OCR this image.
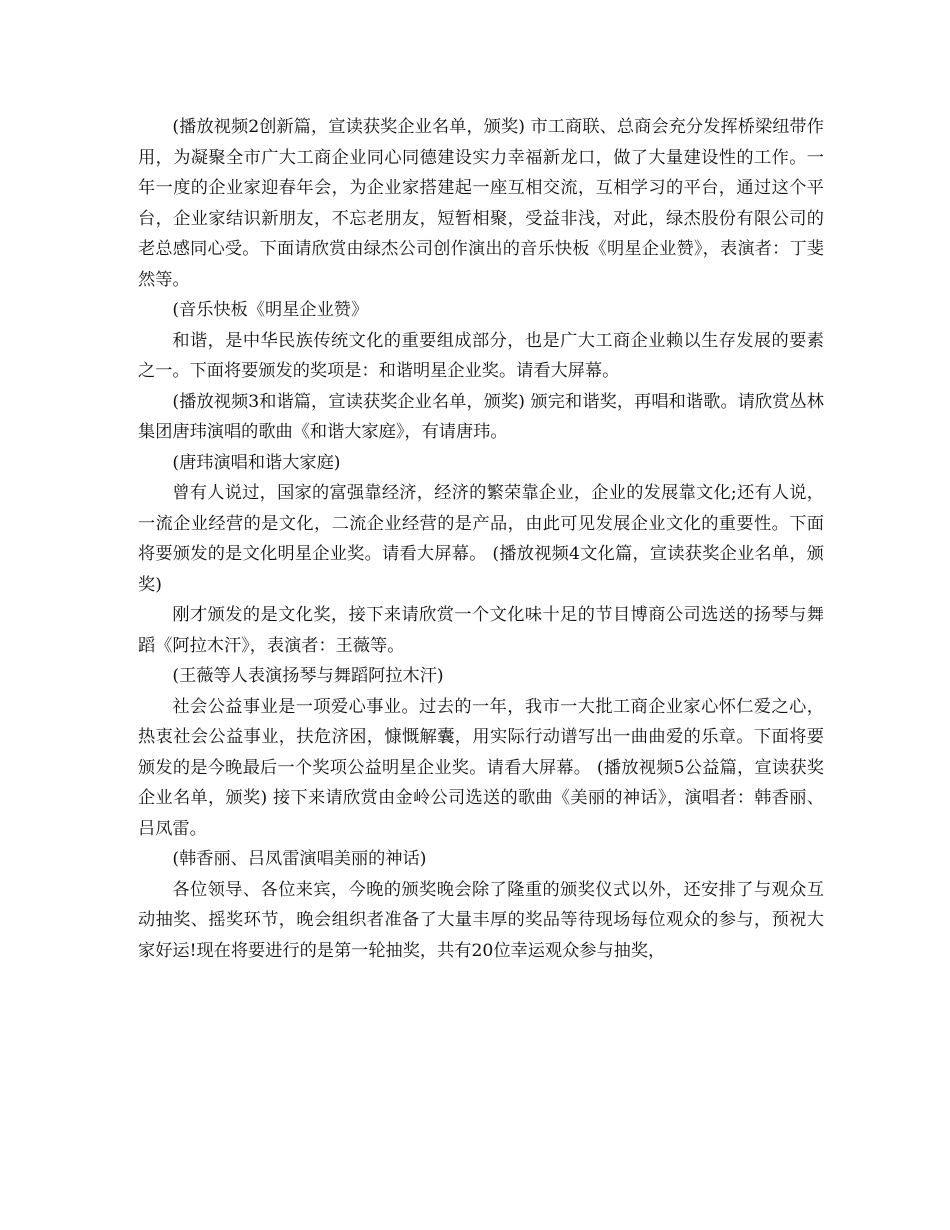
(播放视频2创新篇，宣读获奖企业名单，颁奖) 市工商联、总商会充分发挥桥梁纽带作用，为凝聚全市广大工商企业同心同德建设实力幸福新龙口，做了大量建设性的工作。一年一度的企业家迎春年会，为企业家搭建起一座互相交流，互相学习的平台，通过这个平台，企业家结识新朋友，不忘老朋友，短暂相聚，受益非浅，对此，绿杰股份有限公司的老总感同心受。下面请欣赏由绿杰公司创作演出的音乐快板《明星企业赞》，表演者：丁斐然等。

(音乐快板《明星企业赞》

和谐，是中华民族传统文化的重要组成部分，也是广大工商企业赖以生存发展的要素之一。下面将要颁发的奖项是：和谐明星企业奖。请看大屏幕。

(播放视频3和谐篇，宣读获奖企业名单，颁奖) 颁完和谐奖，再唱和谐歌。请欣赏丛林集团唐玮演唱的歌曲《和谐大家庭》，有请唐玮。

(唐玮演唱和谐大家庭)

曾有人说过，国家的富强靠经济，经济的繁荣靠企业，企业的发展靠文化;还有人说，一流企业经营的是文化，二流企业经营的是产品，由此可见发展企业文化的重要性。下面将要颁发的是文化明星企业奖。请看大屏幕。 (播放视频4文化篇，宣读获奖企业名单，颁奖)

刚才颁发的是文化奖，接下来请欣赏一个文化味十足的节目博商公司选送的扬琴与舞蹈《阿拉木汗》，表演者：王薇等。

(王薇等人表演扬琴与舞蹈阿拉木汗)

社会公益事业是一项爱心事业。过去的一年，我市一大批工商企业家心怀仁爱之心，热衷社会公益事业，扶危济困，慷慨解囊，用实际行动谱写出一曲曲爱的乐章。下面将要颁发的是今晚最后一个奖项公益明星企业奖。请看大屏幕。 (播放视频5公益篇，宣读获奖企业名单，颁奖) 接下来请欣赏由金岭公司选送的歌曲《美丽的神话》，演唱者：韩香丽、吕凤雷。

(韩香丽、吕凤雷演唱美丽的神话)

各位领导、各位来宾，今晚的颁奖晚会除了隆重的颁奖仪式以外，还安排了与观众互动抽奖、摇奖环节，晚会组织者准备了大量丰厚的奖品等待现场每位观众的参与，预祝大家好运!现在将要进行的是第一轮抽奖，共有20位幸运观众参与抽奖，
